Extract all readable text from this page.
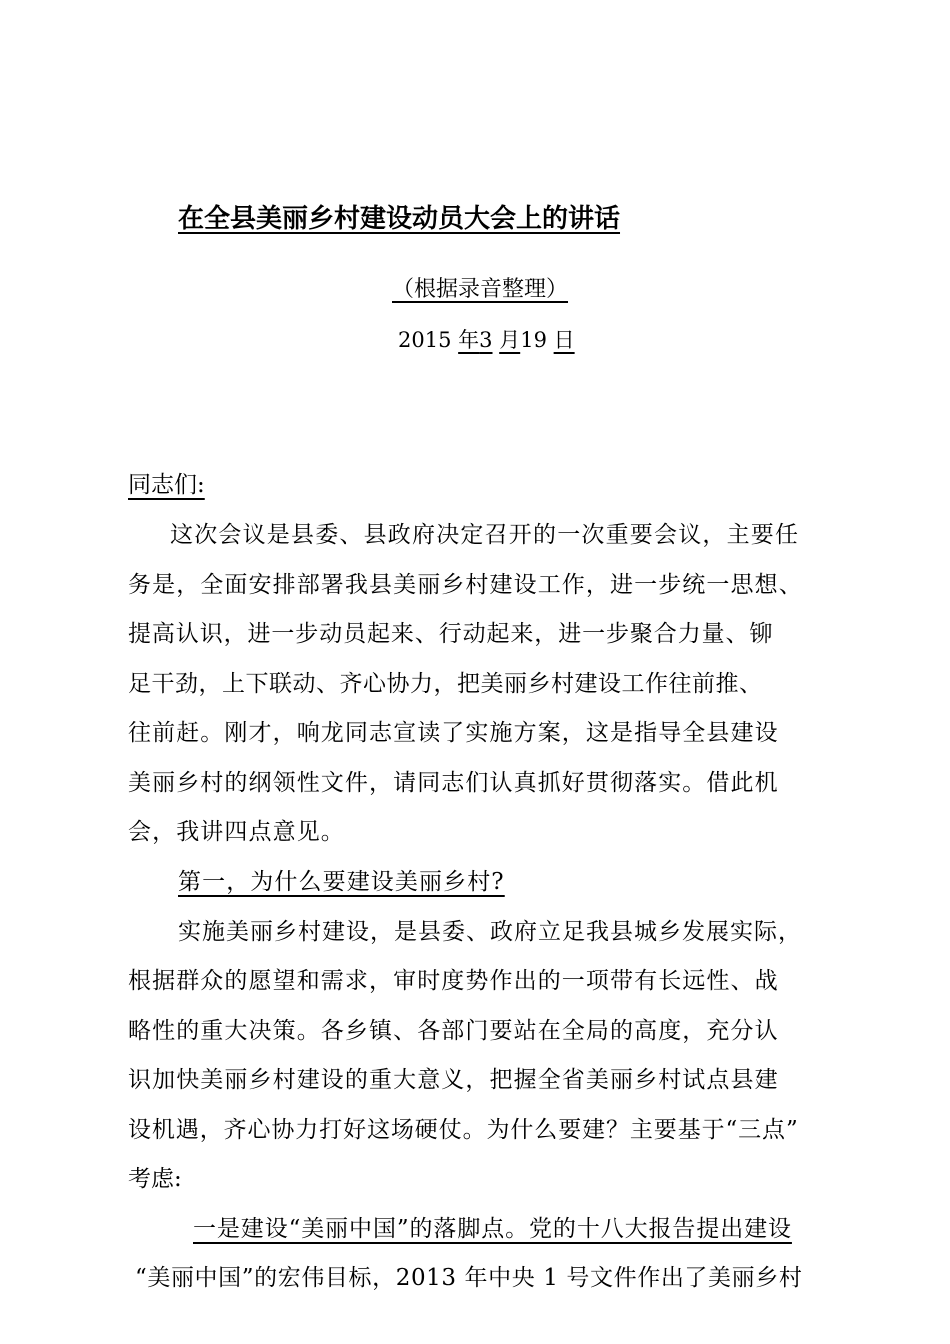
在全县美丽乡村建设动员大会上的讲话
（根据录音整理）
2015 年3 月19 日
同志们:
这次会议是县委、县政府决定召开的一次重要会议，主要任
务是，全面安排部署我县美丽乡村建设工作，进一步统一思想、
提高认识，进一步动员起来、行动起来，进一步聚合力量、铆
足干劲，上下联动、齐心协力，把美丽乡村建设工作往前推、
往前赶。刚才，响龙同志宣读了实施方案，这是指导全县建设
美丽乡村的纲领性文件，请同志们认真抓好贯彻落实。借此机
会，我讲四点意见。
第一，为什么要建设美丽乡村?
实施美丽乡村建设，是县委、政府立足我县城乡发展实际，
根据群众的愿望和需求，审时度势作出的一项带有长远性、战
略性的重大决策。各乡镇、各部门要站在全局的高度，充分认
识加快美丽乡村建设的重大意义，把握全省美丽乡村试点县建
设机遇，齐心协力打好这场硬仗。为什么要建？主要基于“三点”
考虑:
一是建设“美丽中国”的落脚点。党的十八大报告提出建设
“美丽中国”的宏伟目标，2013 年中央 1 号文件作出了美丽乡村
